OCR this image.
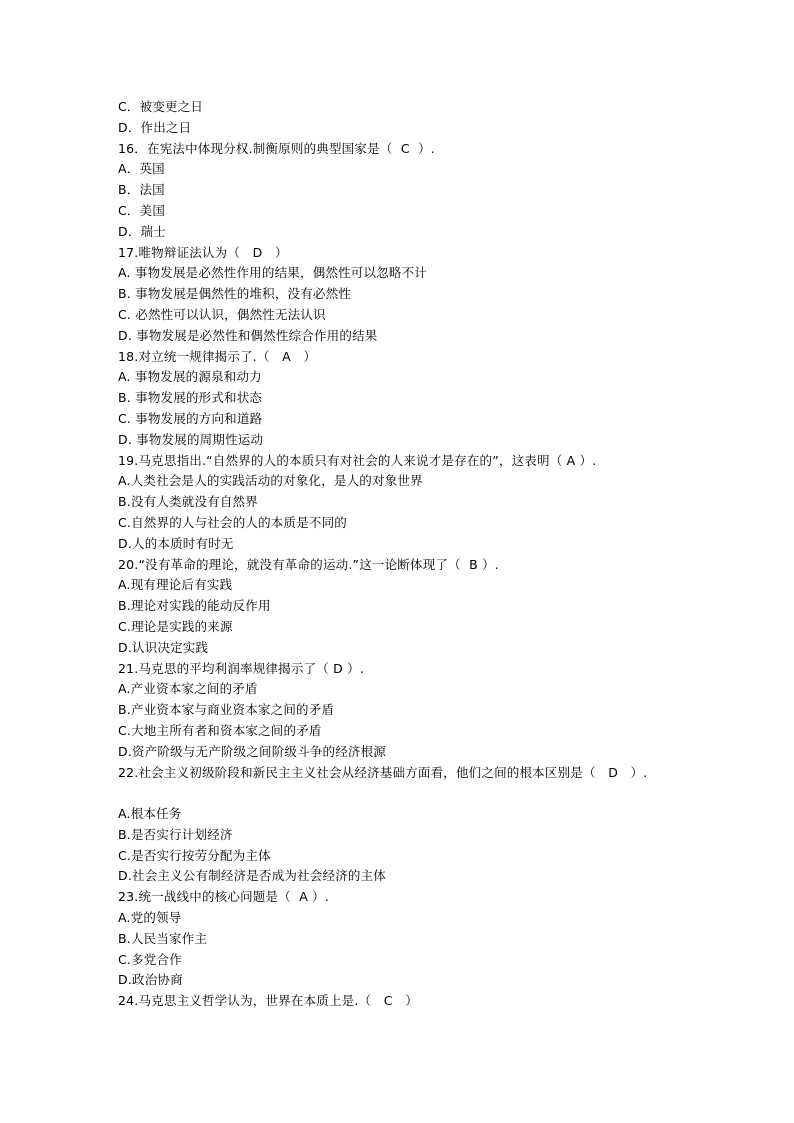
C．被变更之日
D．作出之日
16．在宪法中体现分权.制衡原则的典型国家是（  C  ）.
A．英国
B．法国
C．美国
D．瑞士
17.唯物辩证法认为（   D   ）
A. 事物发展是必然性作用的结果，偶然性可以忽略不计
B. 事物发展是偶然性的堆积，没有必然性
C. 必然性可以认识，偶然性无法认识
D. 事物发展是必然性和偶然性综合作用的结果
18.对立统一规律揭示了.（   A   ）
A. 事物发展的源泉和动力
B. 事物发展的形式和状态
C. 事物发展的方向和道路
D. 事物发展的周期性运动
19.马克思指出.“自然界的人的本质只有对社会的人来说才是存在的”，这表明（ A ）.
A.人类社会是人的实践活动的对象化，是人的对象世界
B.没有人类就没有自然界
C.自然界的人与社会的人的本质是不同的
D.人的本质时有时无
20.“没有革命的理论，就没有革命的运动.”这一论断体现了（  B ）.
A.现有理论后有实践
B.理论对实践的能动反作用
C.理论是实践的来源
D.认识决定实践
21.马克思的平均利润率规律揭示了（ D ）.
A.产业资本家之间的矛盾
B.产业资本家与商业资本家之间的矛盾
C.大地主所有者和资本家之间的矛盾
D.资产阶级与无产阶级之间阶级斗争的经济根源
22.社会主义初级阶段和新民主主义社会从经济基础方面看，他们之间的根本区别是（   D   ）.
A.根本任务
B.是否实行计划经济
C.是否实行按劳分配为主体
D.社会主义公有制经济是否成为社会经济的主体
23.统一战线中的核心问题是（  A ）.
A.党的领导
B.人民当家作主
C.多党合作
D.政治协商
24.马克思主义哲学认为，世界在本质上是.（   C   ）
